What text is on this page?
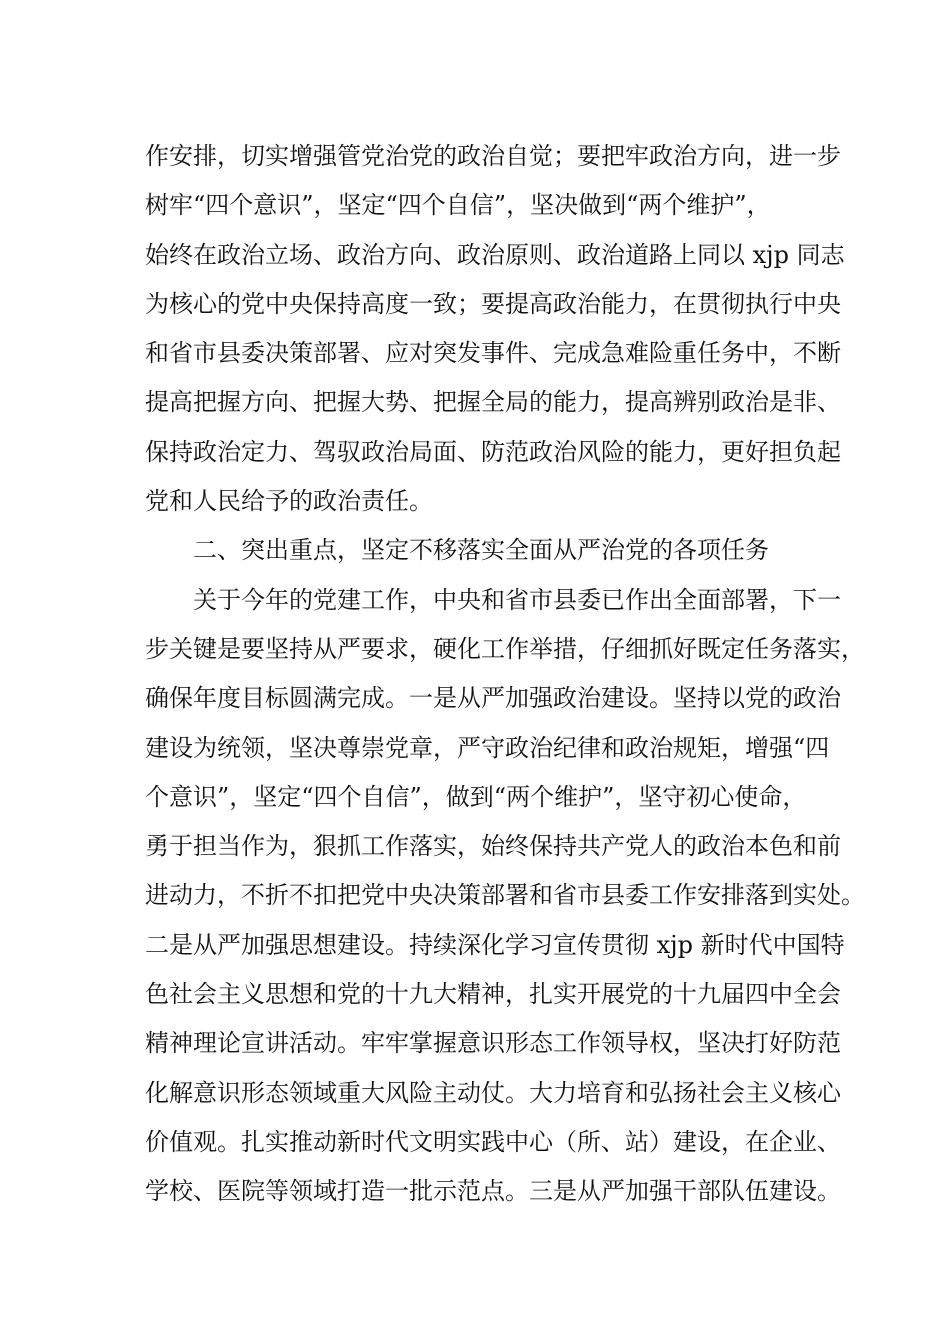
作安排，切实增强管党治党的政治自觉；要把牢政治方向，进一步
树牢“四个意识”，坚定“四个自信”，坚决做到“两个维护”，
始终在政治立场、政治方向、政治原则、政治道路上同以 xjp 同志
为核心的党中央保持高度一致；要提高政治能力，在贯彻执行中央
和省市县委决策部署、应对突发事件、完成急难险重任务中，不断
提高把握方向、把握大势、把握全局的能力，提高辨别政治是非、
保持政治定力、驾驭政治局面、防范政治风险的能力，更好担负起
党和人民给予的政治责任。
二、突出重点，坚定不移落实全面从严治党的各项任务
关于今年的党建工作，中央和省市县委已作出全面部署，下一
步关键是要坚持从严要求，硬化工作举措，仔细抓好既定任务落实，
确保年度目标圆满完成。一是从严加强政治建设。坚持以党的政治
建设为统领，坚决尊崇党章，严守政治纪律和政治规矩，增强“四
个意识”，坚定“四个自信”，做到“两个维护”，坚守初心使命，
勇于担当作为，狠抓工作落实，始终保持共产党人的政治本色和前
进动力，不折不扣把党中央决策部署和省市县委工作安排落到实处。
二是从严加强思想建设。持续深化学习宣传贯彻 xjp 新时代中国特
色社会主义思想和党的十九大精神，扎实开展党的十九届四中全会
精神理论宣讲活动。牢牢掌握意识形态工作领导权，坚决打好防范
化解意识形态领域重大风险主动仗。大力培育和弘扬社会主义核心
价值观。扎实推动新时代文明实践中心（所、站）建设，在企业、
学校、医院等领域打造一批示范点。三是从严加强干部队伍建设。
